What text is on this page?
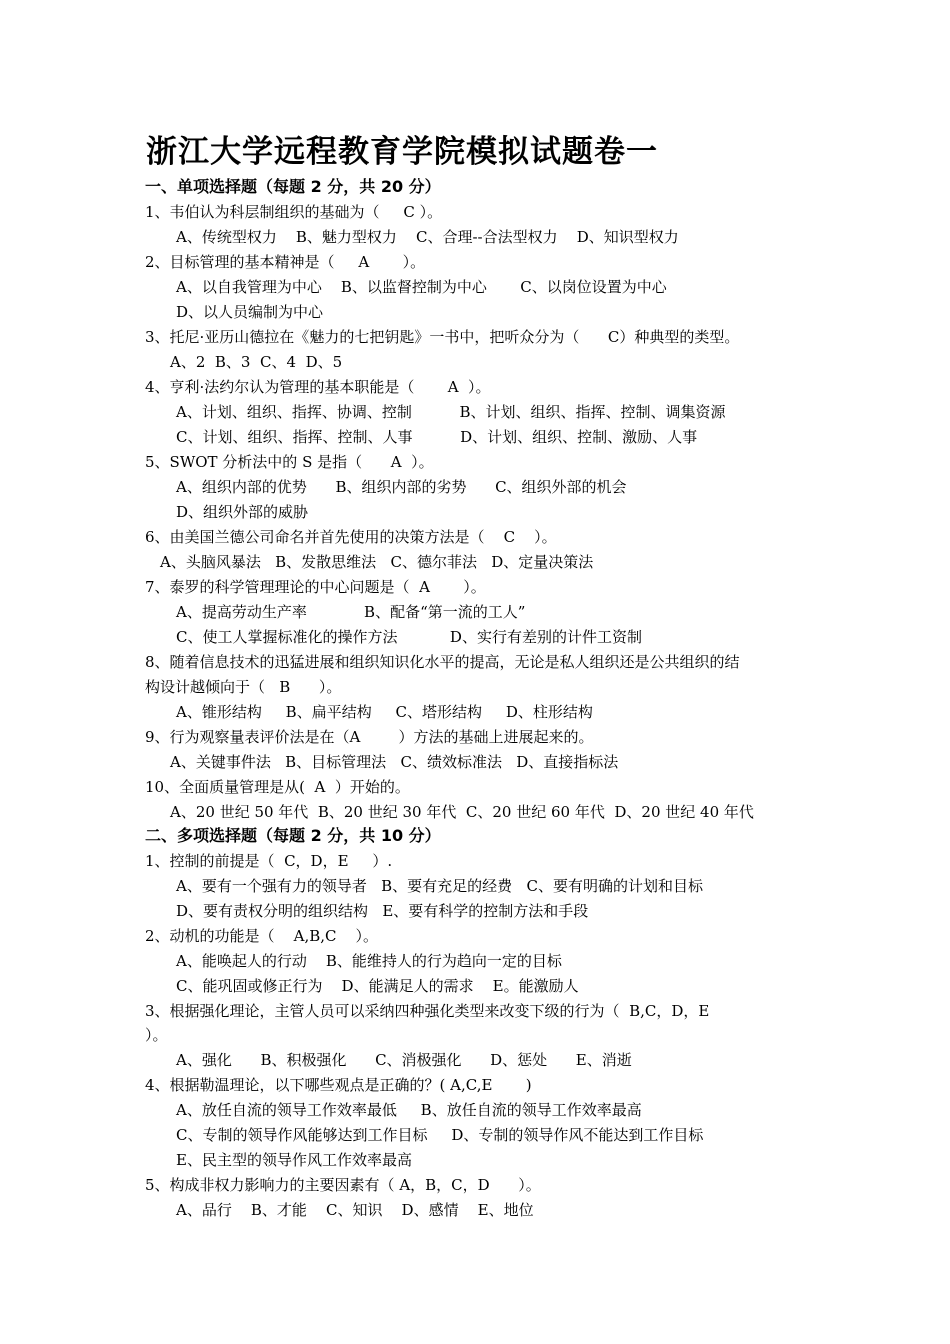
浙江大学远程教育学院模拟试题卷一
一、单项选择题（每题 2 分，共 20 分）
1、韦伯认为科层制组织的基础为（     C ）。
A、传统型权力    B、魅力型权力    C、合理--合法型权力    D、知识型权力
2、目标管理的基本精神是（     A       ）。
A、以自我管理为中心    B、以监督控制为中心       C、以岗位设置为中心
D、以人员编制为中心
3、托尼·亚历山德拉在《魅力的七把钥匙》一书中，把听众分为（      C）种典型的类型。
A、2  B、3  C、4  D、5
4、亨利·法约尔认为管理的基本职能是（       A  ）。
A、计划、组织、指挥、协调、控制          B、计划、组织、指挥、控制、调集资源
C、计划、组织、指挥、控制、人事          D、计划、组织、控制、激励、人事
5、SWOT 分析法中的 S 是指（      A  ）。
A、组织内部的优势      B、组织内部的劣势      C、组织外部的机会
D、组织外部的威胁
6、由美国兰德公司命名并首先使用的决策方法是（    C    ）。
A、头脑风暴法   B、发散思维法   C、德尔菲法   D、定量决策法
7、泰罗的科学管理理论的中心问题是（  A       ）。
A、提高劳动生产率            B、配备“第一流的工人”
C、使工人掌握标准化的操作方法           D、实行有差别的计件工资制
8、随着信息技术的迅猛进展和组织知识化水平的提高，无论是私人组织还是公共组织的结
构设计越倾向于（   B      ）。
A、锥形结构     B、扁平结构     C、塔形结构     D、柱形结构
9、行为观察量表评价法是在（A        ）方法的基础上进展起来的。
A、关键事件法   B、目标管理法   C、绩效标准法   D、直接指标法
10、全面质量管理是从(  A  ）开始的。
A、20 世纪 50 年代  B、20 世纪 30 年代  C、20 世纪 60 年代  D、20 世纪 40 年代
二、多项选择题（每题 2 分，共 10 分）
1、控制的前提是（  C，D，E     ）.
A、要有一个强有力的领导者   B、要有充足的经费   C、要有明确的计划和目标
D、要有责权分明的组织结构   E、要有科学的控制方法和手段
2、动机的功能是（    A,B,C    ）。
A、能唤起人的行动    B、能维持人的行为趋向一定的目标
C、能巩固或修正行为    D、能满足人的需求    E。能激励人
3、根据强化理论，主管人员可以采纳四种强化类型来改变下级的行为（  B,C，D，E
）。
A、强化      B、积极强化      C、消极强化      D、惩处      E、消逝
4、根据勒温理论，以下哪些观点是正确的？( A,C,E       )
A、放任自流的领导工作效率最低     B、放任自流的领导工作效率最高
C、专制的领导作风能够达到工作目标     D、专制的领导作风不能达到工作目标
E、民主型的领导作风工作效率最高
5、构成非权力影响力的主要因素有（ A，B，C，D      ）。
A、品行    B、才能    C、知识    D、感情    E、地位
